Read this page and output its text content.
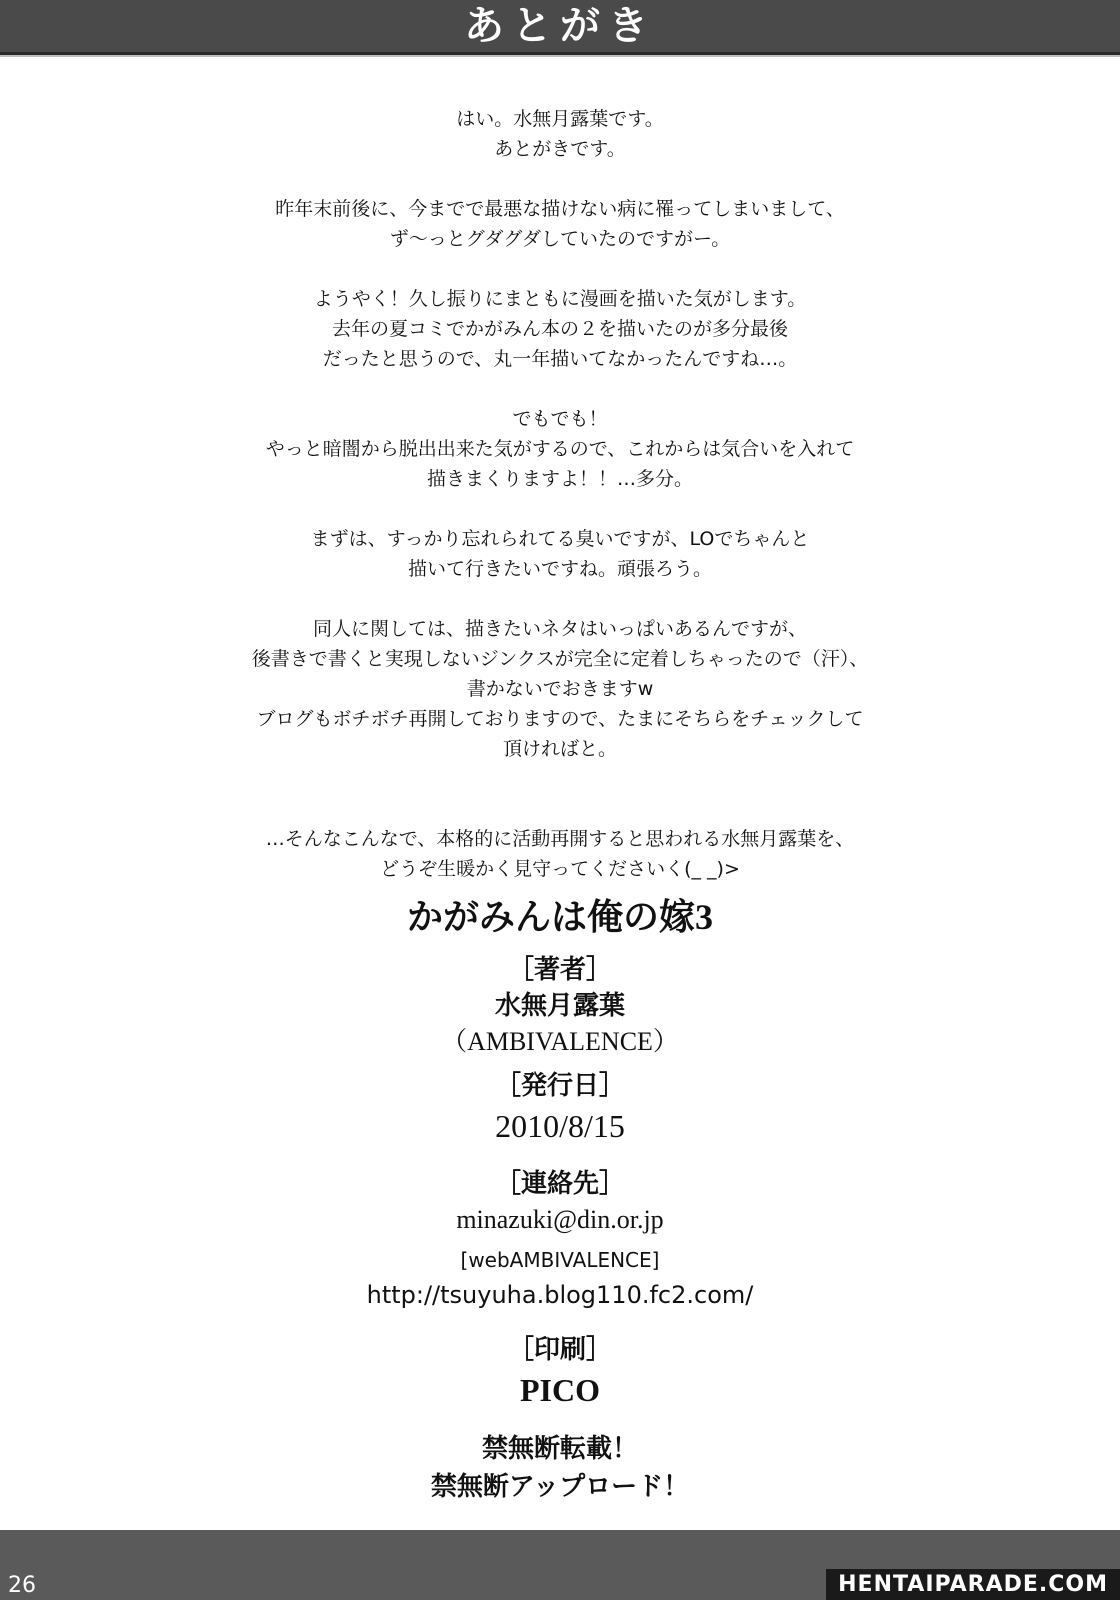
あとがき
はい。水無月露葉です。
あとがきです。
昨年末前後に、今までで最悪な描けない病に罹ってしまいまして、
ず～っとグダグダしていたのですがー。
ようやく！久し振りにまともに漫画を描いた気がします。
去年の夏コミでかがみん本の２を描いたのが多分最後
だったと思うので、丸一年描いてなかったんですね…。
でもでも！
やっと暗闇から脱出出来た気がするので、これからは気合いを入れて
描きまくりますよ！！…多分。
まずは、すっかり忘れられてる臭いですが、LOでちゃんと
描いて行きたいですね。頑張ろう。
同人に関しては、描きたいネタはいっぱいあるんですが、
後書きで書くと実現しないジンクスが完全に定着しちゃったので（汗）、
書かないでおきますw
ブログもボチボチ再開しておりますので、たまにそちらをチェックして
頂ければと。
…そんなこんなで、本格的に活動再開すると思われる水無月露葉を、
どうぞ生暖かく見守ってくださいく(_ _)>

かがみんは俺の嫁3

［著者］

水無月露葉

（AMBIVALENCE）

［発行日］

2010/8/15

［連絡先］

minazuki@din.or.jp

[webAMBIVALENCE]

http://tsuyuha.blog110.fc2.com/

［印刷］

PICO

禁無断転載！

禁無断アップロード！

26	HENTAIPARADE.COM
